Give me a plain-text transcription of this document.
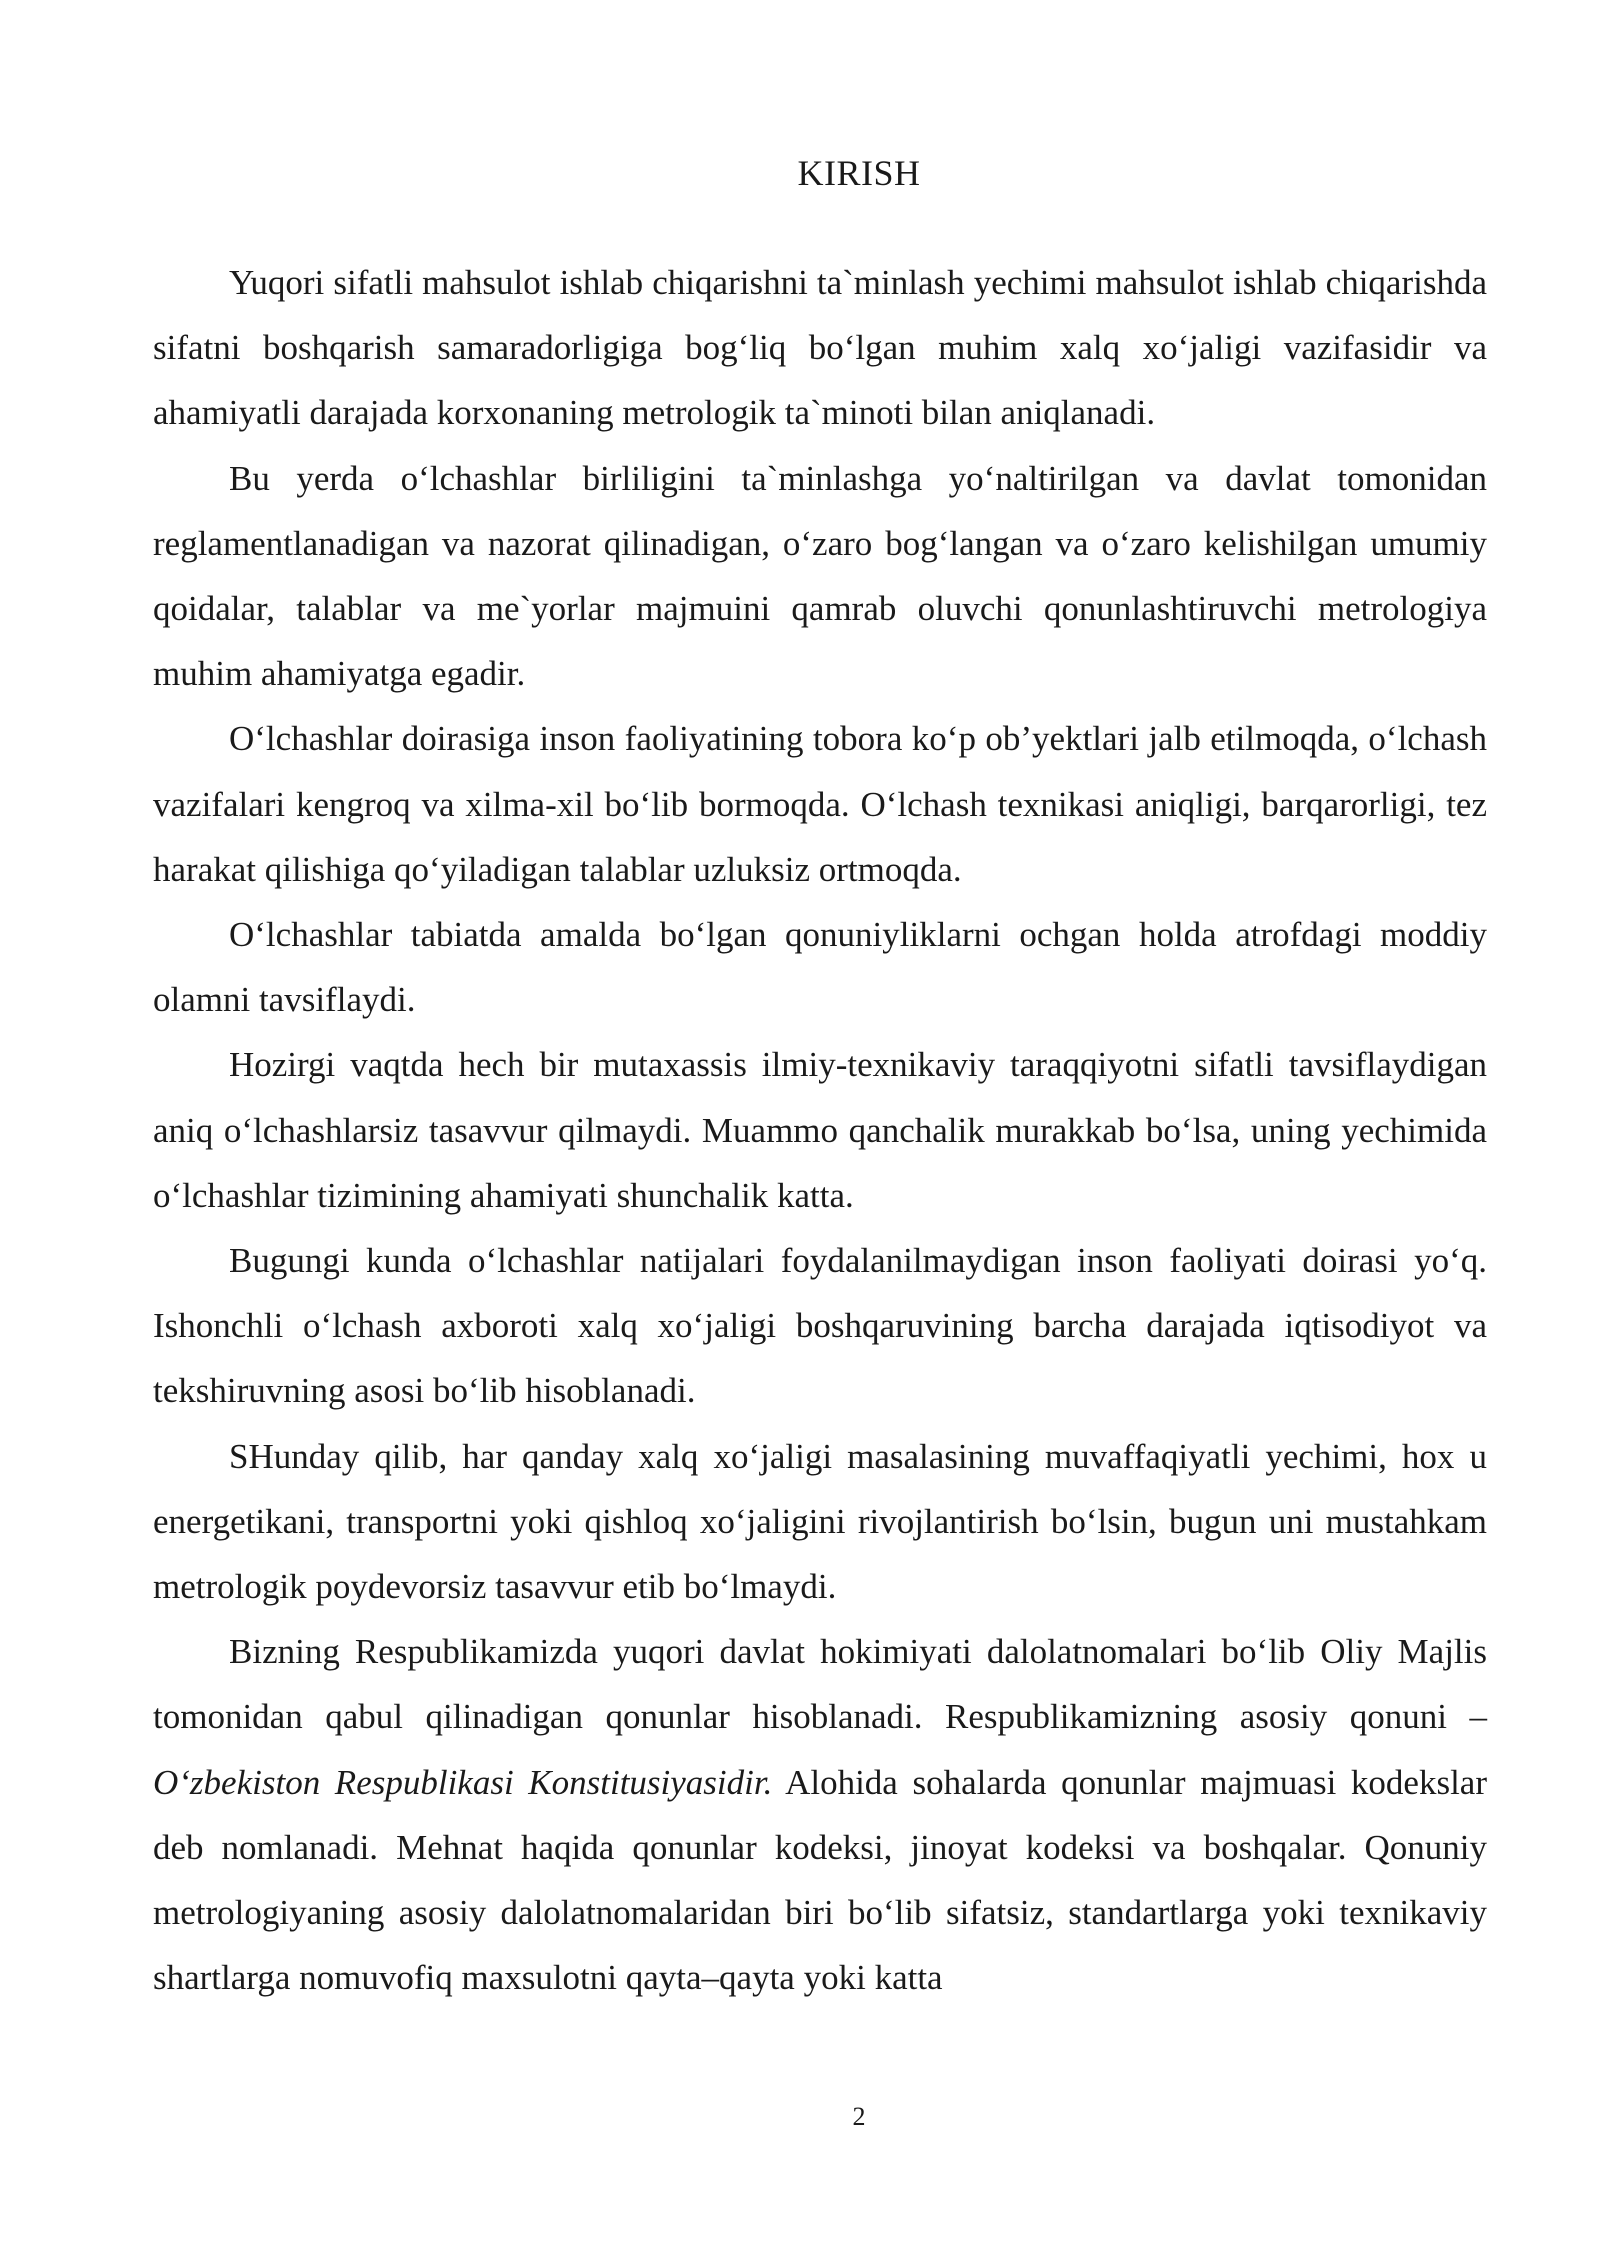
KIRISH

Yuqori sifatli mahsulot ishlab chiqarishni ta`minlash yechimi mahsulot ishlab chiqarishda sifatni boshqarish samaradorligiga bog‘liq bo‘lgan muhim xalq xo‘jaligi vazifasidir va ahamiyatli darajada korxonaning metrologik ta`minoti bilan aniqlanadi.

Bu yerda o‘lchashlar birliligini ta`minlashga yo‘naltirilgan va davlat tomonidan reglamentlanadigan va nazorat qilinadigan, o‘zaro bog‘langan va o‘zaro kelishilgan umumiy qoidalar, talablar va me`yorlar majmuini qamrab oluvchi qonunlashtiruvchi metrologiya muhim ahamiyatga egadir.

O‘lchashlar doirasiga inson faoliyatining tobora ko‘p ob’yektlari jalb etilmoqda, o‘lchash vazifalari kengroq va xilma-xil bo‘lib bormoqda. O‘lchash texnikasi aniqligi, barqarorligi, tez harakat qilishiga qo‘yiladigan talablar uzluksiz ortmoqda.

O‘lchashlar tabiatda amalda bo‘lgan qonuniyliklarni ochgan holda atrofdagi moddiy olamni tavsiflaydi.

Hozirgi vaqtda hech bir mutaxassis ilmiy-texnikaviy taraqqiyotni sifatli tavsiflaydigan aniq o‘lchashlarsiz tasavvur qilmaydi. Muammo qanchalik murakkab bo‘lsa, uning yechimida o‘lchashlar tizimining ahamiyati shunchalik katta.

Bugungi kunda o‘lchashlar natijalari foydalanilmaydigan inson faoliyati doirasi yo‘q. Ishonchli o‘lchash axboroti xalq xo‘jaligi boshqaruvining barcha darajada iqtisodiyot va tekshiruvning asosi bo‘lib hisoblanadi.

SHunday qilib, har qanday xalq xo‘jaligi masalasining muvaffaqiyatli yechimi, hox u energetikani, transportni yoki qishloq xo‘jaligini rivojlantirish bo‘lsin, bugun uni mustahkam metrologik poydevorsiz tasavvur etib bo‘lmaydi.

Bizning Respublikamizda yuqori davlat hokimiyati dalolatnomalari bo‘lib Oliy Majlis tomonidan qabul qilinadigan qonunlar hisoblanadi. Respublikamizning asosiy qonuni – O‘zbekiston Respublikasi Konstitusiyasidir. Alohida sohalarda qonunlar majmuasi kodekslar deb nomlanadi. Mehnat haqida qonunlar kodeksi, jinoyat kodeksi va boshqalar. Qonuniy metrologiyaning asosiy dalolatnomalaridan biri bo‘lib sifatsiz, standartlarga yoki texnikaviy shartlarga nomuvofiq maxsulotni qayta–qayta yoki katta

2
